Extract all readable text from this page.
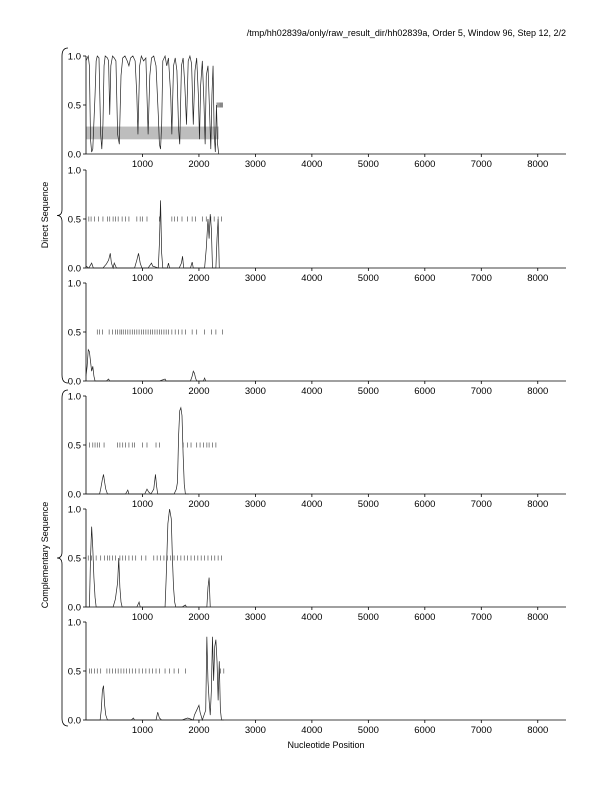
/tmp/hh02839a/only/raw_result_dir/hh02839a, Order 5, Window 96, Step 12, 2/2
0.0
0.5
1.0
1000	2000	3000	4000	5000	6000	7000	8000
0.0
0.5
1.0
1000	2000	3000	4000	5000	6000	7000	8000
0.0
0.5
1.0
1000	2000	3000	4000	5000	6000	7000	8000
0.0
0.5
1.0
1000	2000	3000	4000	5000	6000	7000	8000
0.0
0.5
1.0
1000	2000	3000	4000	5000	6000	7000	8000
0.0
0.5
1.0
1000	2000	3000	4000	5000	6000	7000	8000
Direct Sequence
Complementary Sequence
Nucleotide Position
